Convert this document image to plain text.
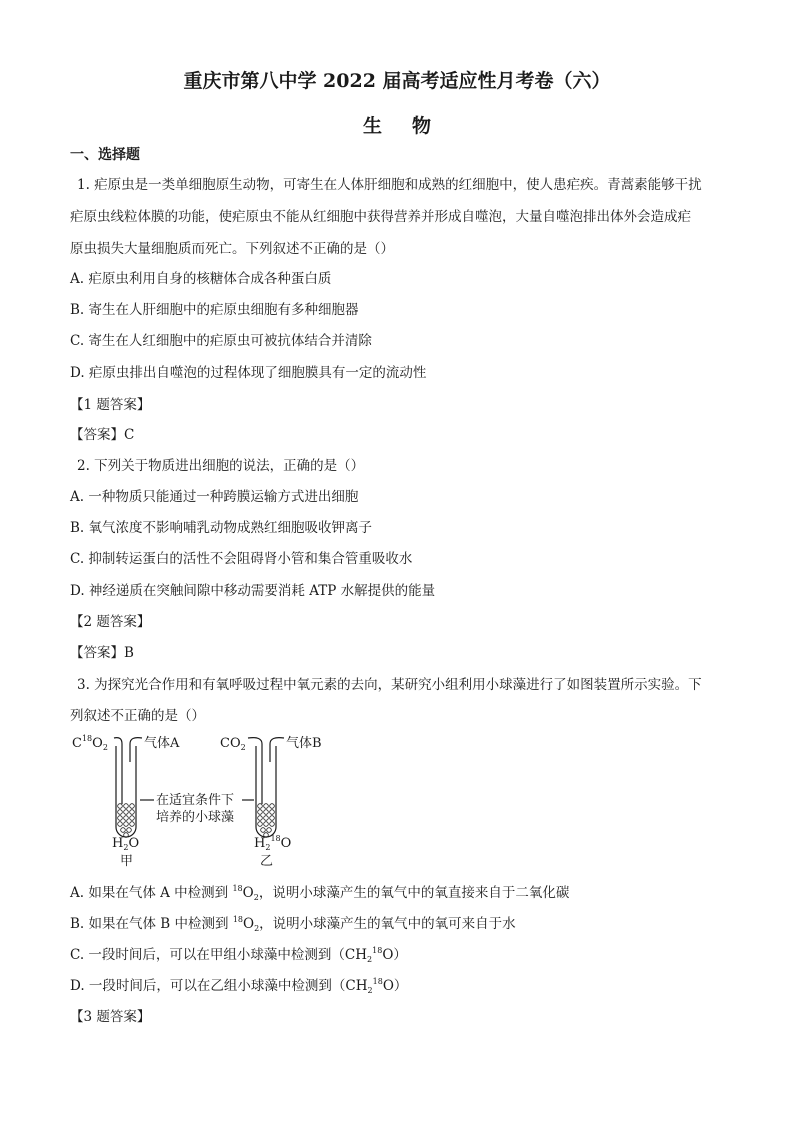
重庆市第八中学 2022 届高考适应性月考卷（六）
生物
一、选择题
1. 疟原虫是一类单细胞原生动物，可寄生在人体肝细胞和成熟的红细胞中，使人患疟疾。青蒿素能够干扰
疟原虫线粒体膜的功能，使疟原虫不能从红细胞中获得营养并形成自噬泡，大量自噬泡排出体外会造成疟
原虫损失大量细胞质而死亡。下列叙述不正确的是（）
A. 疟原虫利用自身的核糖体合成各种蛋白质
B. 寄生在人肝细胞中的疟原虫细胞有多种细胞器
C. 寄生在人红细胞中的疟原虫可被抗体结合并清除
D. 疟原虫排出自噬泡的过程体现了细胞膜具有一定的流动性
【1 题答案】
【答案】C
2. 下列关于物质进出细胞的说法，正确的是（）
A. 一种物质只能通过一种跨膜运输方式进出细胞
B. 氧气浓度不影响哺乳动物成熟红细胞吸收钾离子
C. 抑制转运蛋白的活性不会阻碍肾小管和集合管重吸收水
D. 神经递质在突触间隙中移动需要消耗 ATP 水解提供的能量
【2 题答案】
【答案】B
3. 为探究光合作用和有氧呼吸过程中氧元素的去向，某研究小组利用小球藻进行了如图装置所示实验。下
列叙述不正确的是（）
$C^{18}O_2$	气体A	$CO_2$	气体B
在适宜条件下
培养的小球藻
$H_2O$
甲
$H_2^{18}O$
乙
A. 如果在气体 A 中检测到 $^{18}O_2$，说明小球藻产生的氧气中的氧直接来自于二氧化碳
B. 如果在气体 B 中检测到 $^{18}O_2$，说明小球藻产生的氧气中的氧可来自于水
C. 一段时间后，可以在甲组小球藻中检测到$(CH_2^{18}O)$
D. 一段时间后，可以在乙组小球藻中检测到$(CH_2^{18}O)$
【3 题答案】
